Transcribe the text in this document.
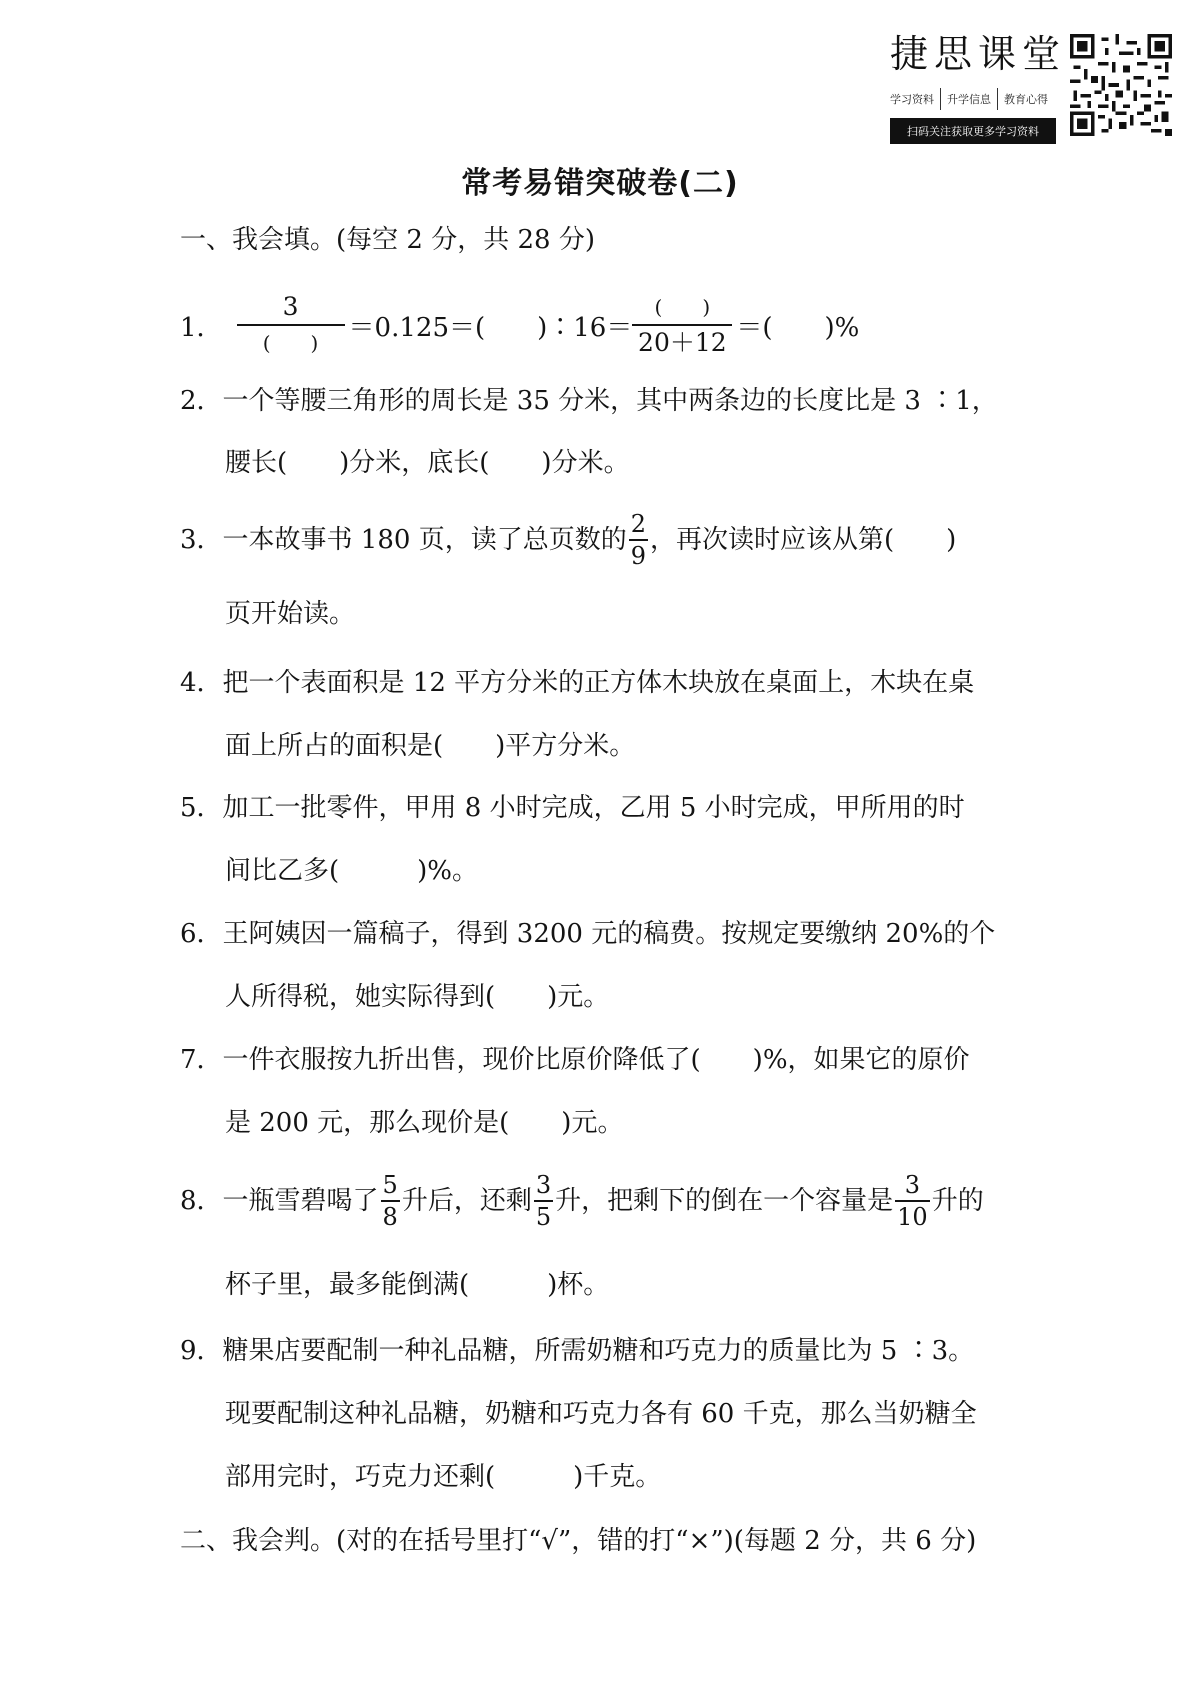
捷思课堂
学习资料 升学信息 教育心得
扫码关注获取更多学习资料
常考易错突破卷(二)
一、我会填。(每空 2 分，共 28 分)
1． $\frac{3}{( )} =0.125=$(　　)∶16＝ $\frac{( )}{20+12}$ ＝(　　)%
2．一个等腰三角形的周长是 35 分米，其中两条边的长度比是 3 ∶1，
腰长(　　)分米，底长(　　)分米。
3．一本故事书 180 页，读了总页数的 $\frac{2}{9}$ ，再次读时应该从第(　　)
页开始读。
4．把一个表面积是 12 平方分米的正方体木块放在桌面上，木块在桌
面上所占的面积是(　　)平方分米。
5．加工一批零件，甲用 8 小时完成，乙用 5 小时完成，甲所用的时
间比乙多(　　　)%。
6．王阿姨因一篇稿子，得到 3200 元的稿费。按规定要缴纳 20%的个
人所得税，她实际得到(　　)元。
7．一件衣服按九折出售，现价比原价降低了(　　)%，如果它的原价
是 200 元，那么现价是(　　)元。
8．一瓶雪碧喝了 $\frac{5}{8}$ 升后，还剩 $\frac{3}{5}$ 升，把剩下的倒在一个容量是 $\frac{3}{10}$ 升的
杯子里，最多能倒满(　　　)杯。
9．糖果店要配制一种礼品糖，所需奶糖和巧克力的质量比为 5 ∶3。
现要配制这种礼品糖，奶糖和巧克力各有 60 千克，那么当奶糖全
部用完时，巧克力还剩(　　　)千克。
二、我会判。(对的在括号里打“√”，错的打“×”)(每题 2 分，共 6 分)
